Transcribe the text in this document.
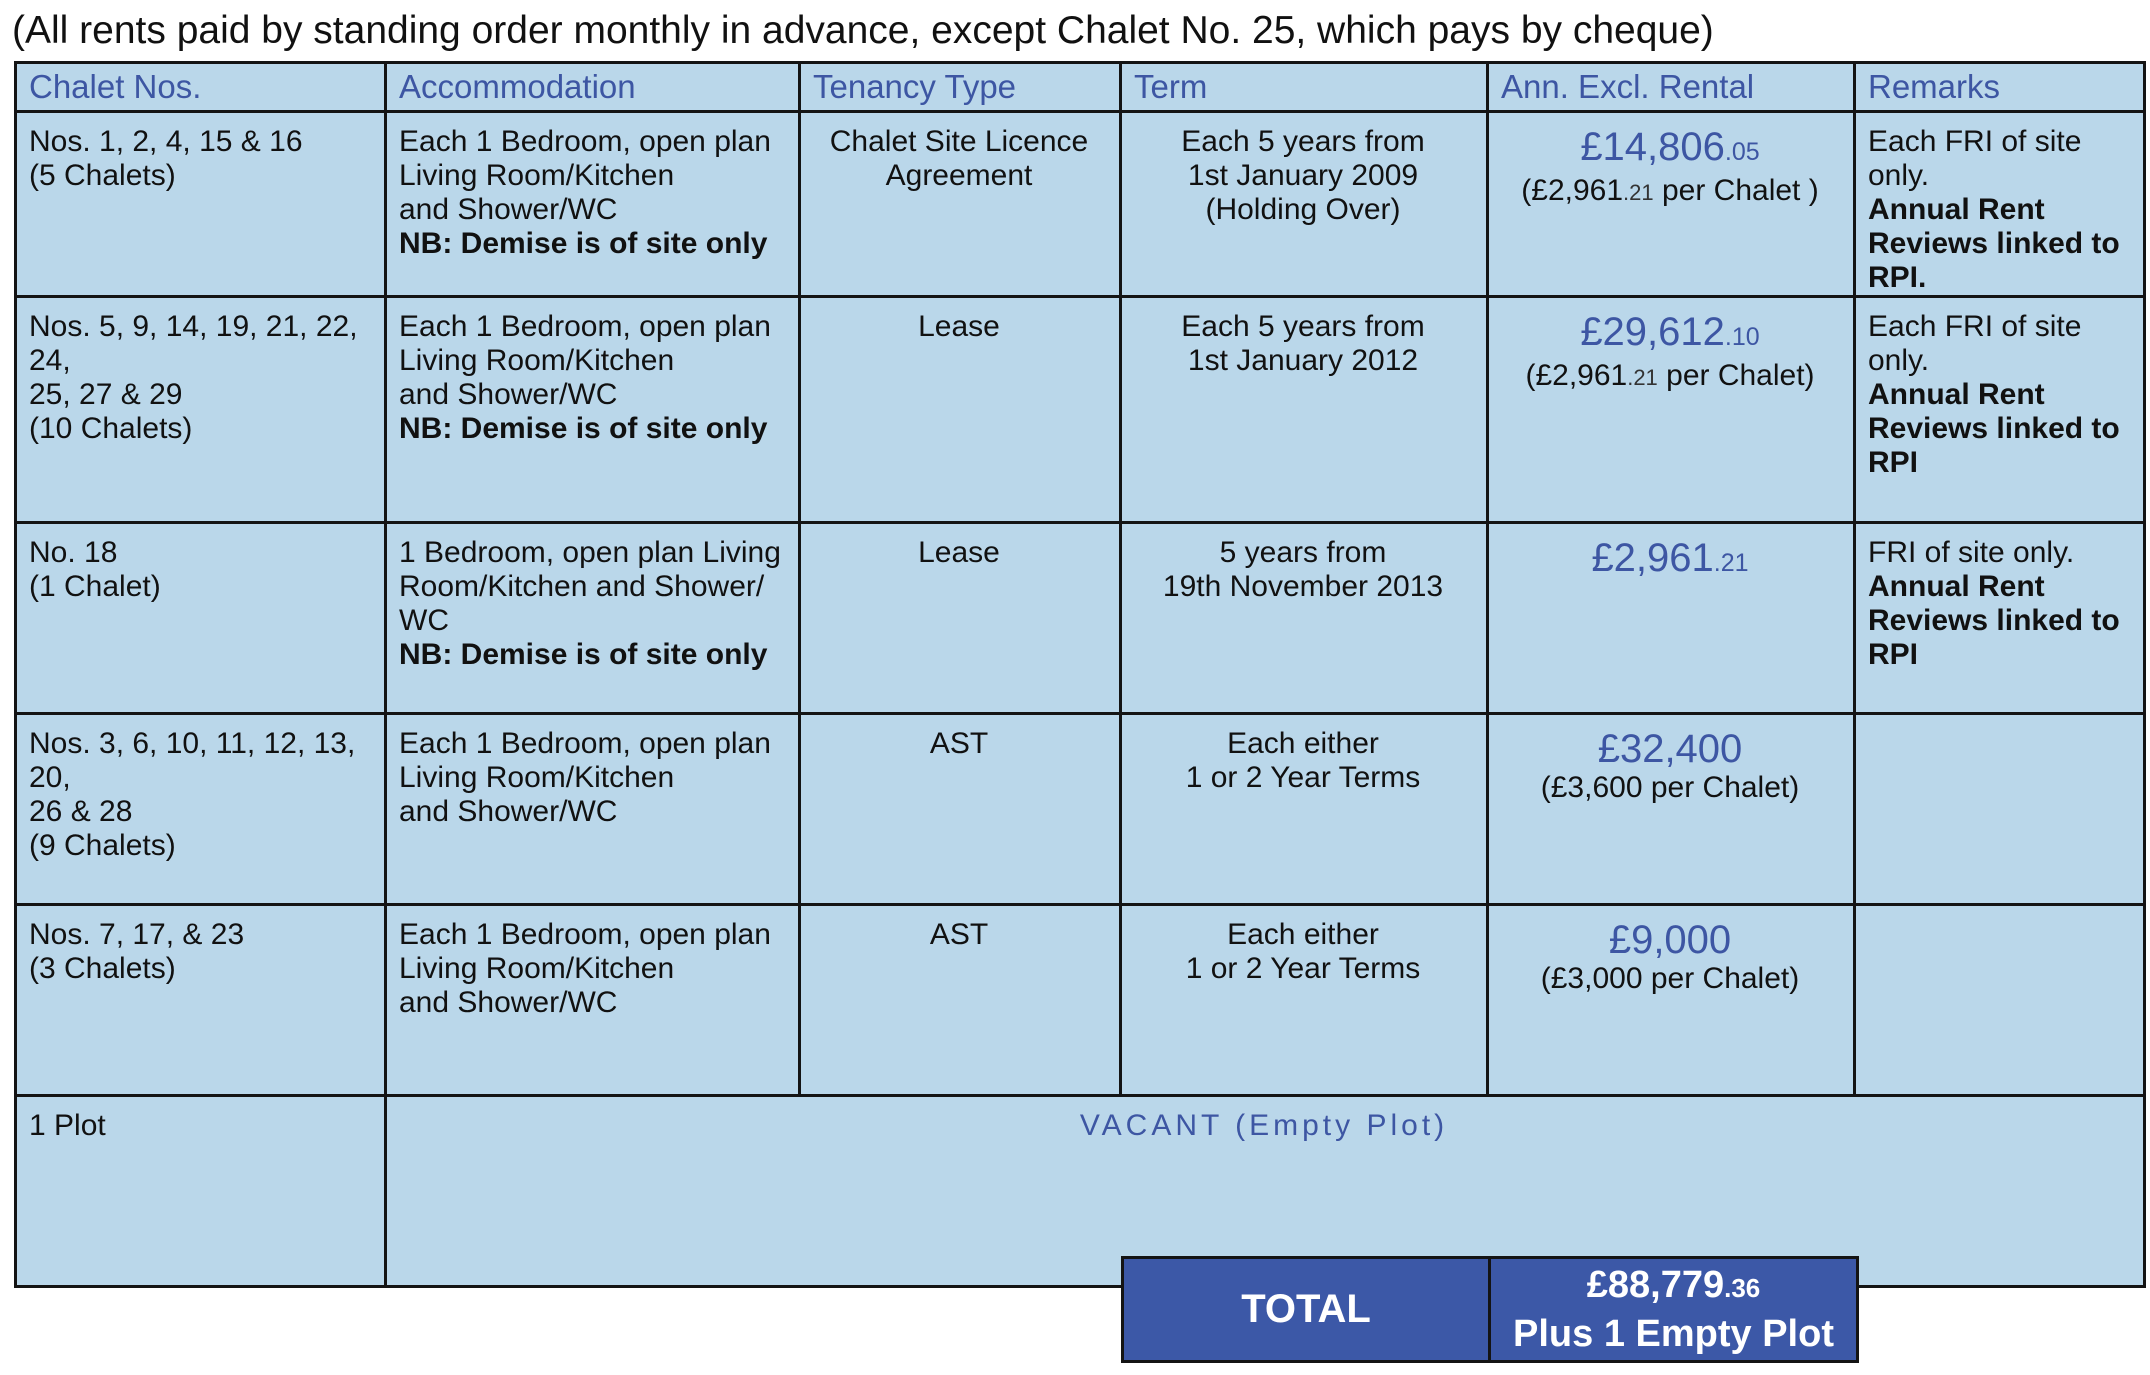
(All rents paid by standing order monthly in advance, except Chalet No. 25, which pays by cheque)
Chalet Nos.	Accommodation	Tenancy Type	Term	Ann. Excl. Rental	Remarks

Nos. 1, 2, 4, 15 & 16
(5 Chalets)	Each 1 Bedroom, open plan
Living Room/Kitchen
and Shower/WC
NB: Demise is of site only	Chalet Site Licence
Agreement	Each 5 years from
1st January 2009
(Holding Over)	£14,806.05
(£2,961.21 per Chalet )	Each FRI of site only.
Annual Rent
Reviews linked to
RPI.

Nos. 5, 9, 14, 19, 21, 22, 24,
25, 27 & 29
(10 Chalets)	Each 1 Bedroom, open plan
Living Room/Kitchen
and Shower/WC
NB: Demise is of site only	Lease	Each 5 years from
1st January 2012	£29,612.10
(£2,961.21 per Chalet)	Each FRI of site only.
Annual Rent
Reviews linked to
RPI

No. 18
(1 Chalet)	1 Bedroom, open plan Living
Room/Kitchen and Shower/
WC
NB: Demise is of site only	Lease	5 years from
19th November 2013	£2,961.21	FRI of site only.
Annual Rent
Reviews linked to
RPI

Nos. 3, 6, 10, 11, 12, 13, 20,
26 & 28
(9 Chalets)	Each 1 Bedroom, open plan
Living Room/Kitchen
and Shower/WC	AST	Each either
1 or 2 Year Terms	£32,400
(£3,600 per Chalet)	

Nos. 7, 17, & 23
(3 Chalets)	Each 1 Bedroom, open plan
Living Room/Kitchen
and Shower/WC	AST	Each either
1 or 2 Year Terms	£9,000
(£3,000 per Chalet)	

1 Plot	VACANT (Empty Plot)				
TOTAL
£88,779.36
Plus 1 Empty Plot
